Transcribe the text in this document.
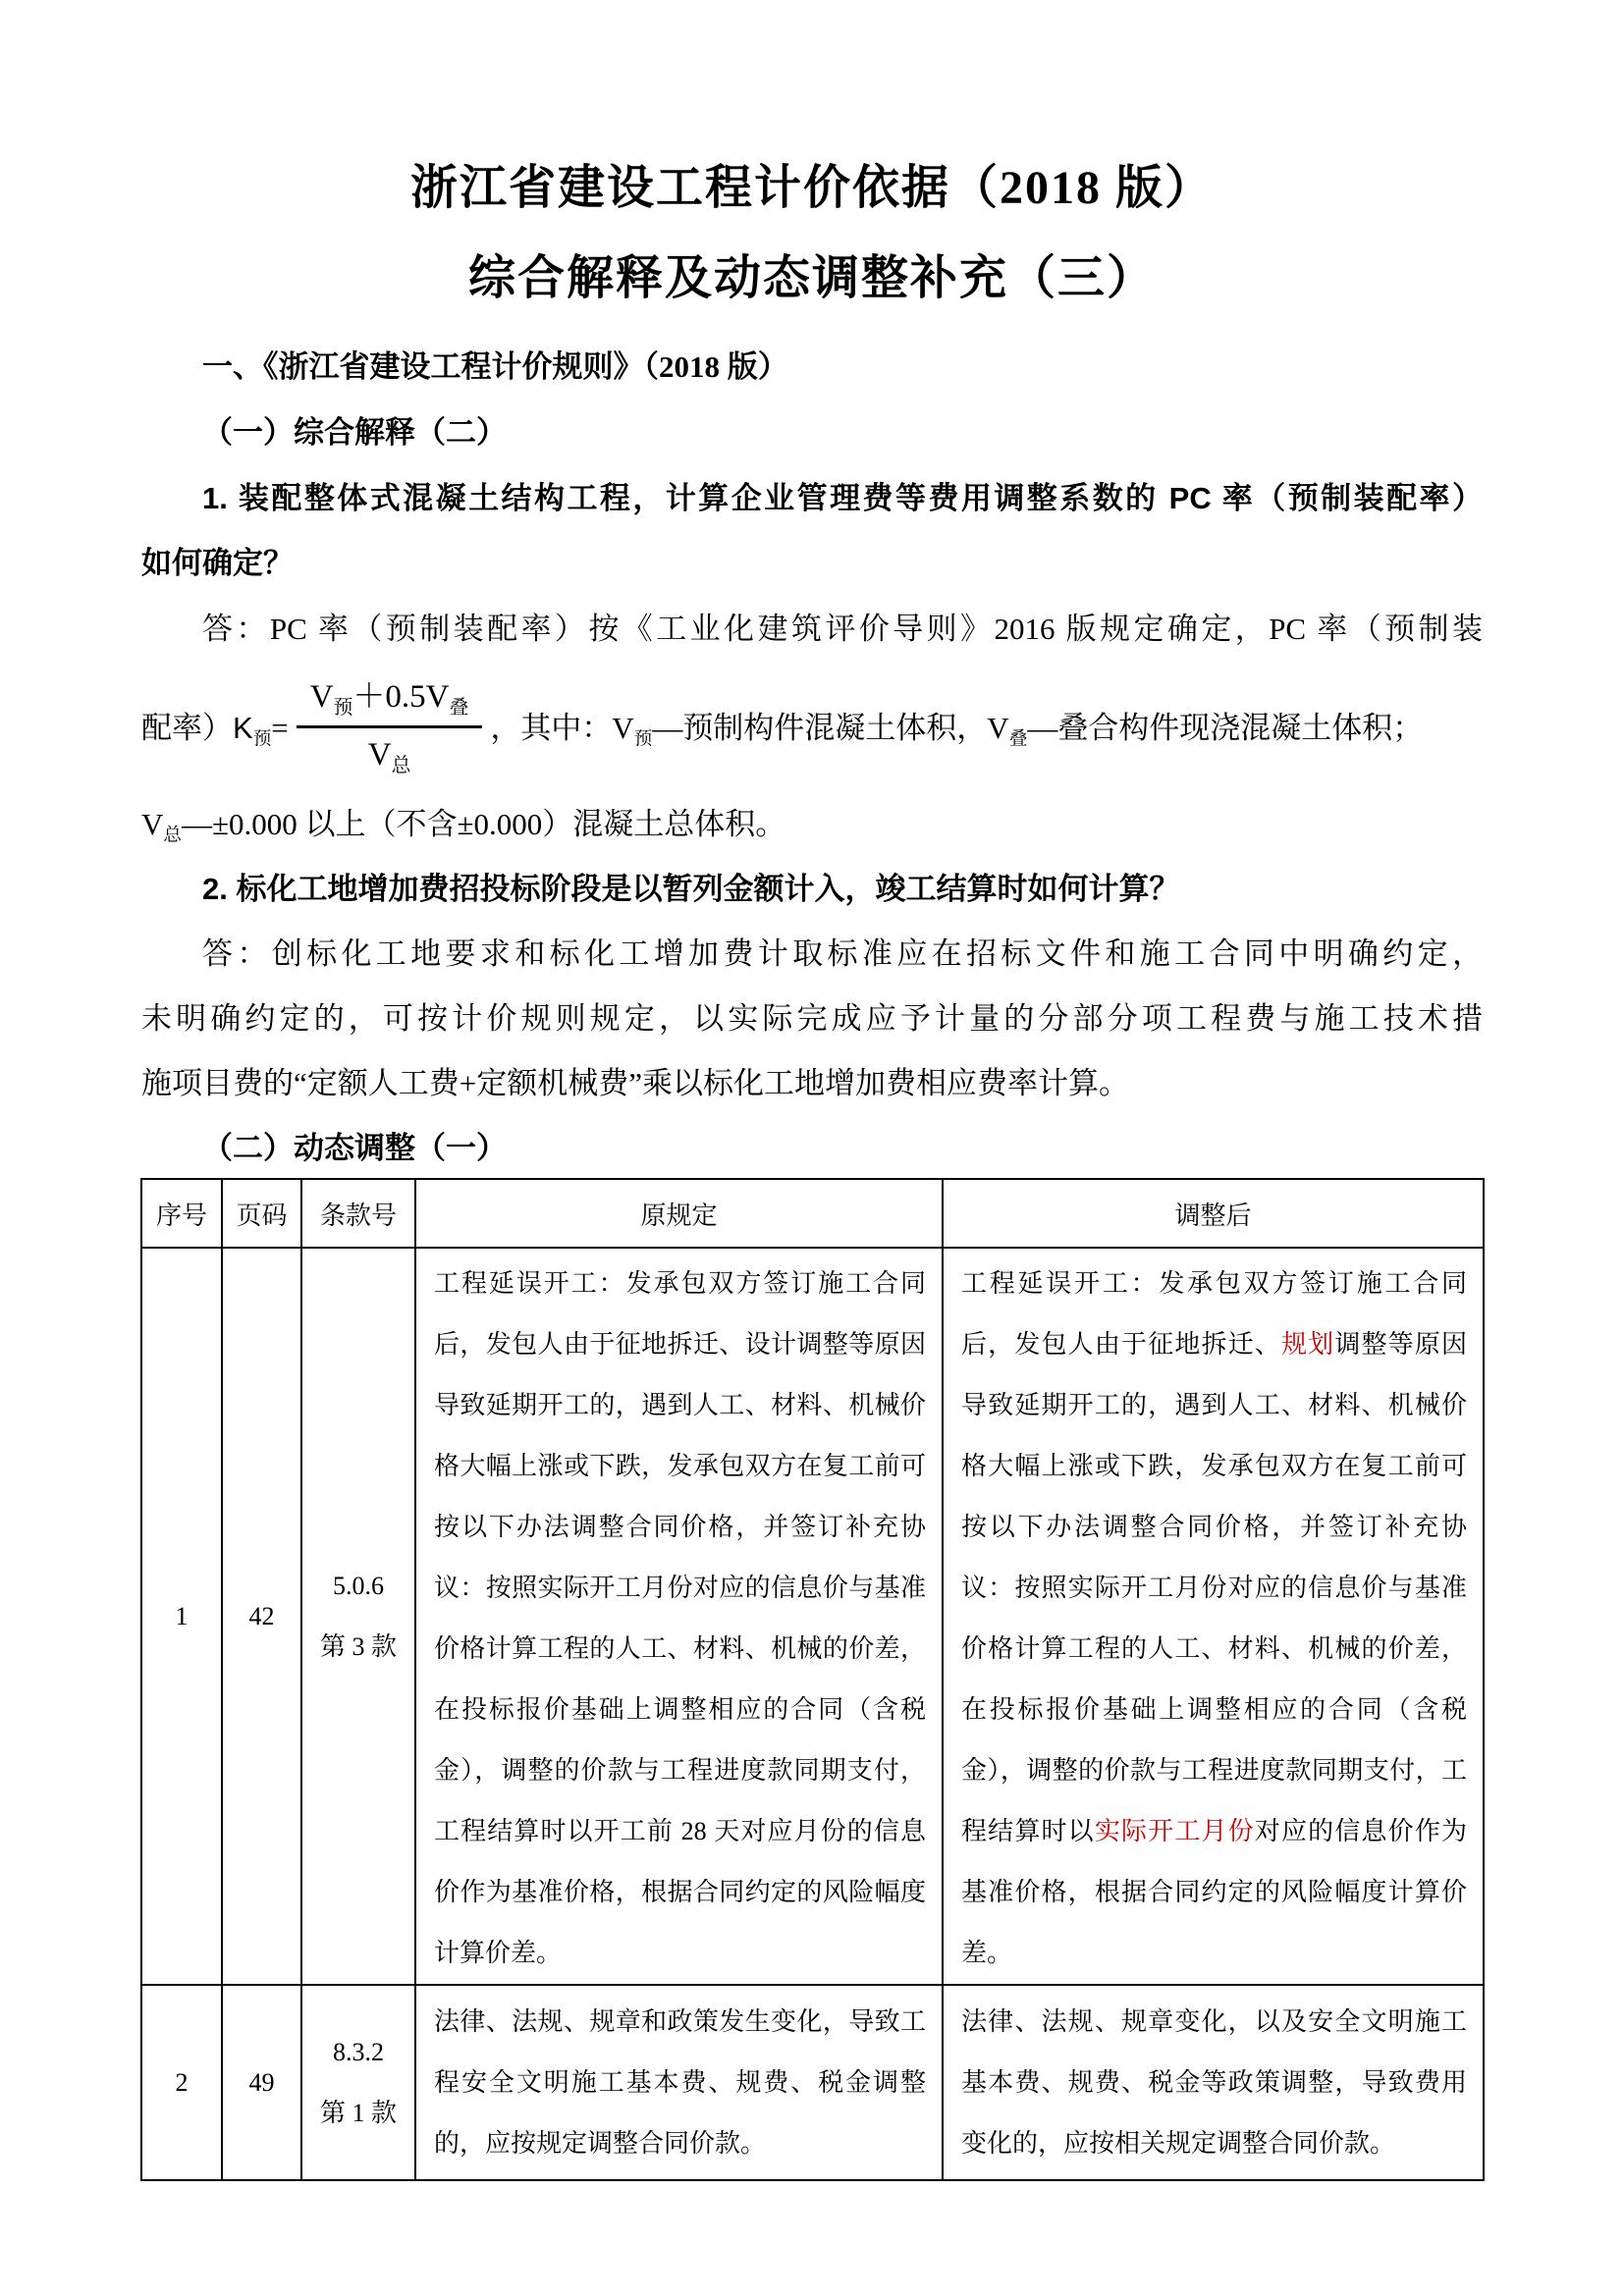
浙江省建设工程计价依据（2018 版）
综合解释及动态调整补充（三）
一、《浙江省建设工程计价规则》（2018 版）
（一）综合解释（二）
1. 装配整体式混凝土结构工程，计算企业管理费等费用调整系数的 PC 率（预制装配率）
如何确定？
答：PC 率（预制装配率）按《工业化建筑评价导则》2016 版规定确定，PC 率（预制装
配率）$K_预= \frac{V_预+0.5V_叠}{V_总}$ ，其中：$V_预—$预制构件混凝土体积，$V_叠—$叠合构件现浇混凝土体积；
$V_总—\pm 0.000$ 以上（不含±0.000）混凝土总体积。
2. 标化工地增加费招投标阶段是以暂列金额计入，竣工结算时如何计算？
答：创标化工地要求和标化工增加费计取标准应在招标文件和施工合同中明确约定，
未明确约定的，可按计价规则规定，以实际完成应予计量的分部分项工程费与施工技术措
施项目费的“定额人工费+定额机械费”乘以标化工地增加费相应费率计算。
（二）动态调整（一）
序号	页码	条款号	原规定	调整后
1	42	
5.0.6
第 3 款
	工程延误开工：发承包双方签订施工合同后，发包人由于征地拆迁、设计调整等原因导致延期开工的，遇到人工、材料、机械价格大幅上涨或下跌，发承包双方在复工前可按以下办法调整合同价格，并签订补充协议：按照实际开工月份对应的信息价与基准价格计算工程的人工、材料、机械的价差，在投标报价基础上调整相应的合同（含税金），调整的价款与工程进度款同期支付，工程结算时以开工前 28 天对应月份的信息价作为基准价格，根据合同约定的风险幅度计算价差。	工程延误开工：发承包双方签订施工合同后，发包人由于征地拆迁、规划调整等原因导致延期开工的，遇到人工、材料、机械价格大幅上涨或下跌，发承包双方在复工前可按以下办法调整合同价格，并签订补充协议：按照实际开工月份对应的信息价与基准价格计算工程的人工、材料、机械的价差，在投标报价基础上调整相应的合同（含税金），调整的价款与工程进度款同期支付，工程结算时以实际开工月份对应的信息价作为基准价格，根据合同约定的风险幅度计算价差。
2	49	8.3.2
第 1 款	法律、法规、规章和政策发生变化，导致工程安全文明施工基本费、规费、税金调整的，应按规定调整合同价款。	法律、法规、规章变化，以及安全文明施工基本费、规费、税金等政策调整，导致费用变化的，应按相关规定调整合同价款。
